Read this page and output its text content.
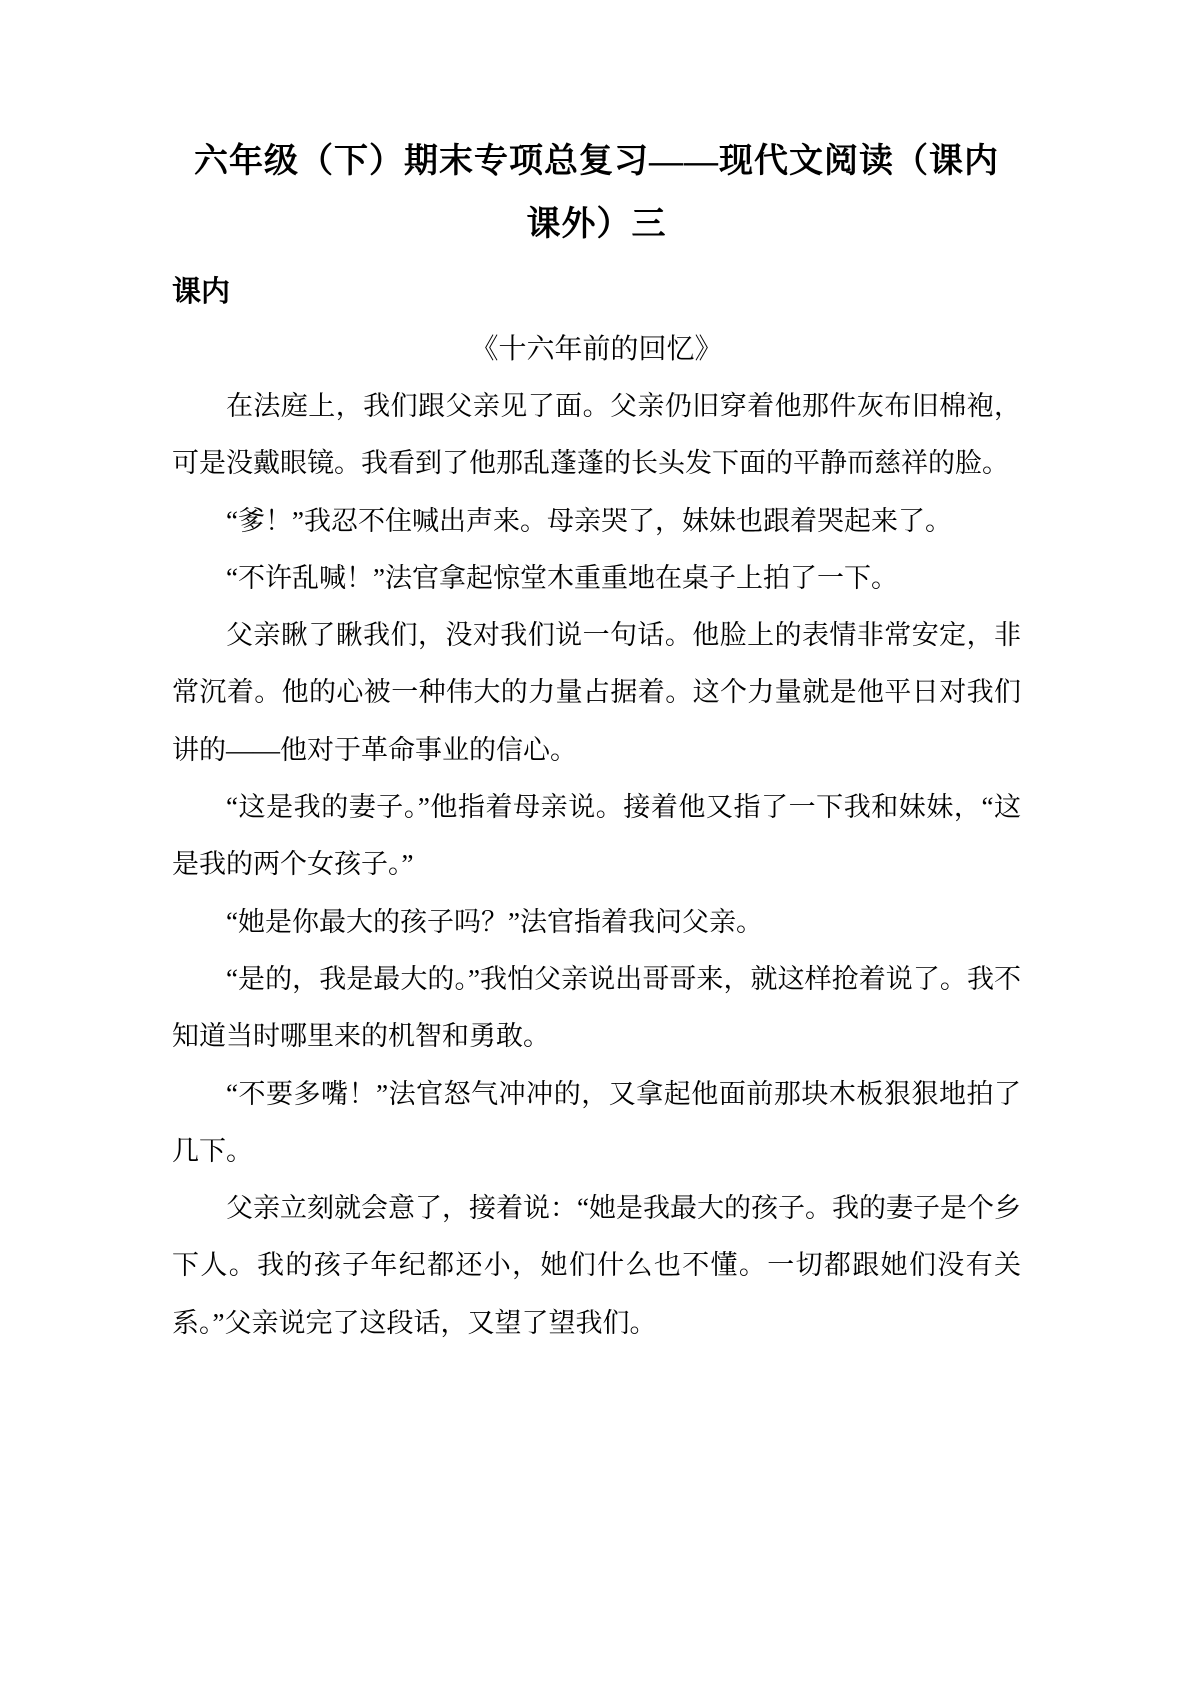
六年级（下）期末专项总复习——现代文阅读（课内课外）三
课内
《十六年前的回忆》

在法庭上，我们跟父亲见了面。父亲仍旧穿着他那件灰布旧棉袍，可是没戴眼镜。我看到了他那乱蓬蓬的长头发下面的平静而慈祥的脸。

“爹！”我忍不住喊出声来。母亲哭了，妹妹也跟着哭起来了。

“不许乱喊！”法官拿起惊堂木重重地在桌子上拍了一下。

父亲瞅了瞅我们，没对我们说一句话。他脸上的表情非常安定，非常沉着。他的心被一种伟大的力量占据着。这个力量就是他平日对我们讲的——他对于革命事业的信心。

“这是我的妻子。”他指着母亲说。接着他又指了一下我和妹妹，“这是我的两个女孩子。”

“她是你最大的孩子吗？”法官指着我问父亲。

“是的，我是最大的。”我怕父亲说出哥哥来，就这样抢着说了。我不知道当时哪里来的机智和勇敢。

“不要多嘴！”法官怒气冲冲的，又拿起他面前那块木板狠狠地拍了几下。

父亲立刻就会意了，接着说：“她是我最大的孩子。我的妻子是个乡下人。我的孩子年纪都还小，她们什么也不懂。一切都跟她们没有关系。”父亲说完了这段话，又望了望我们。
